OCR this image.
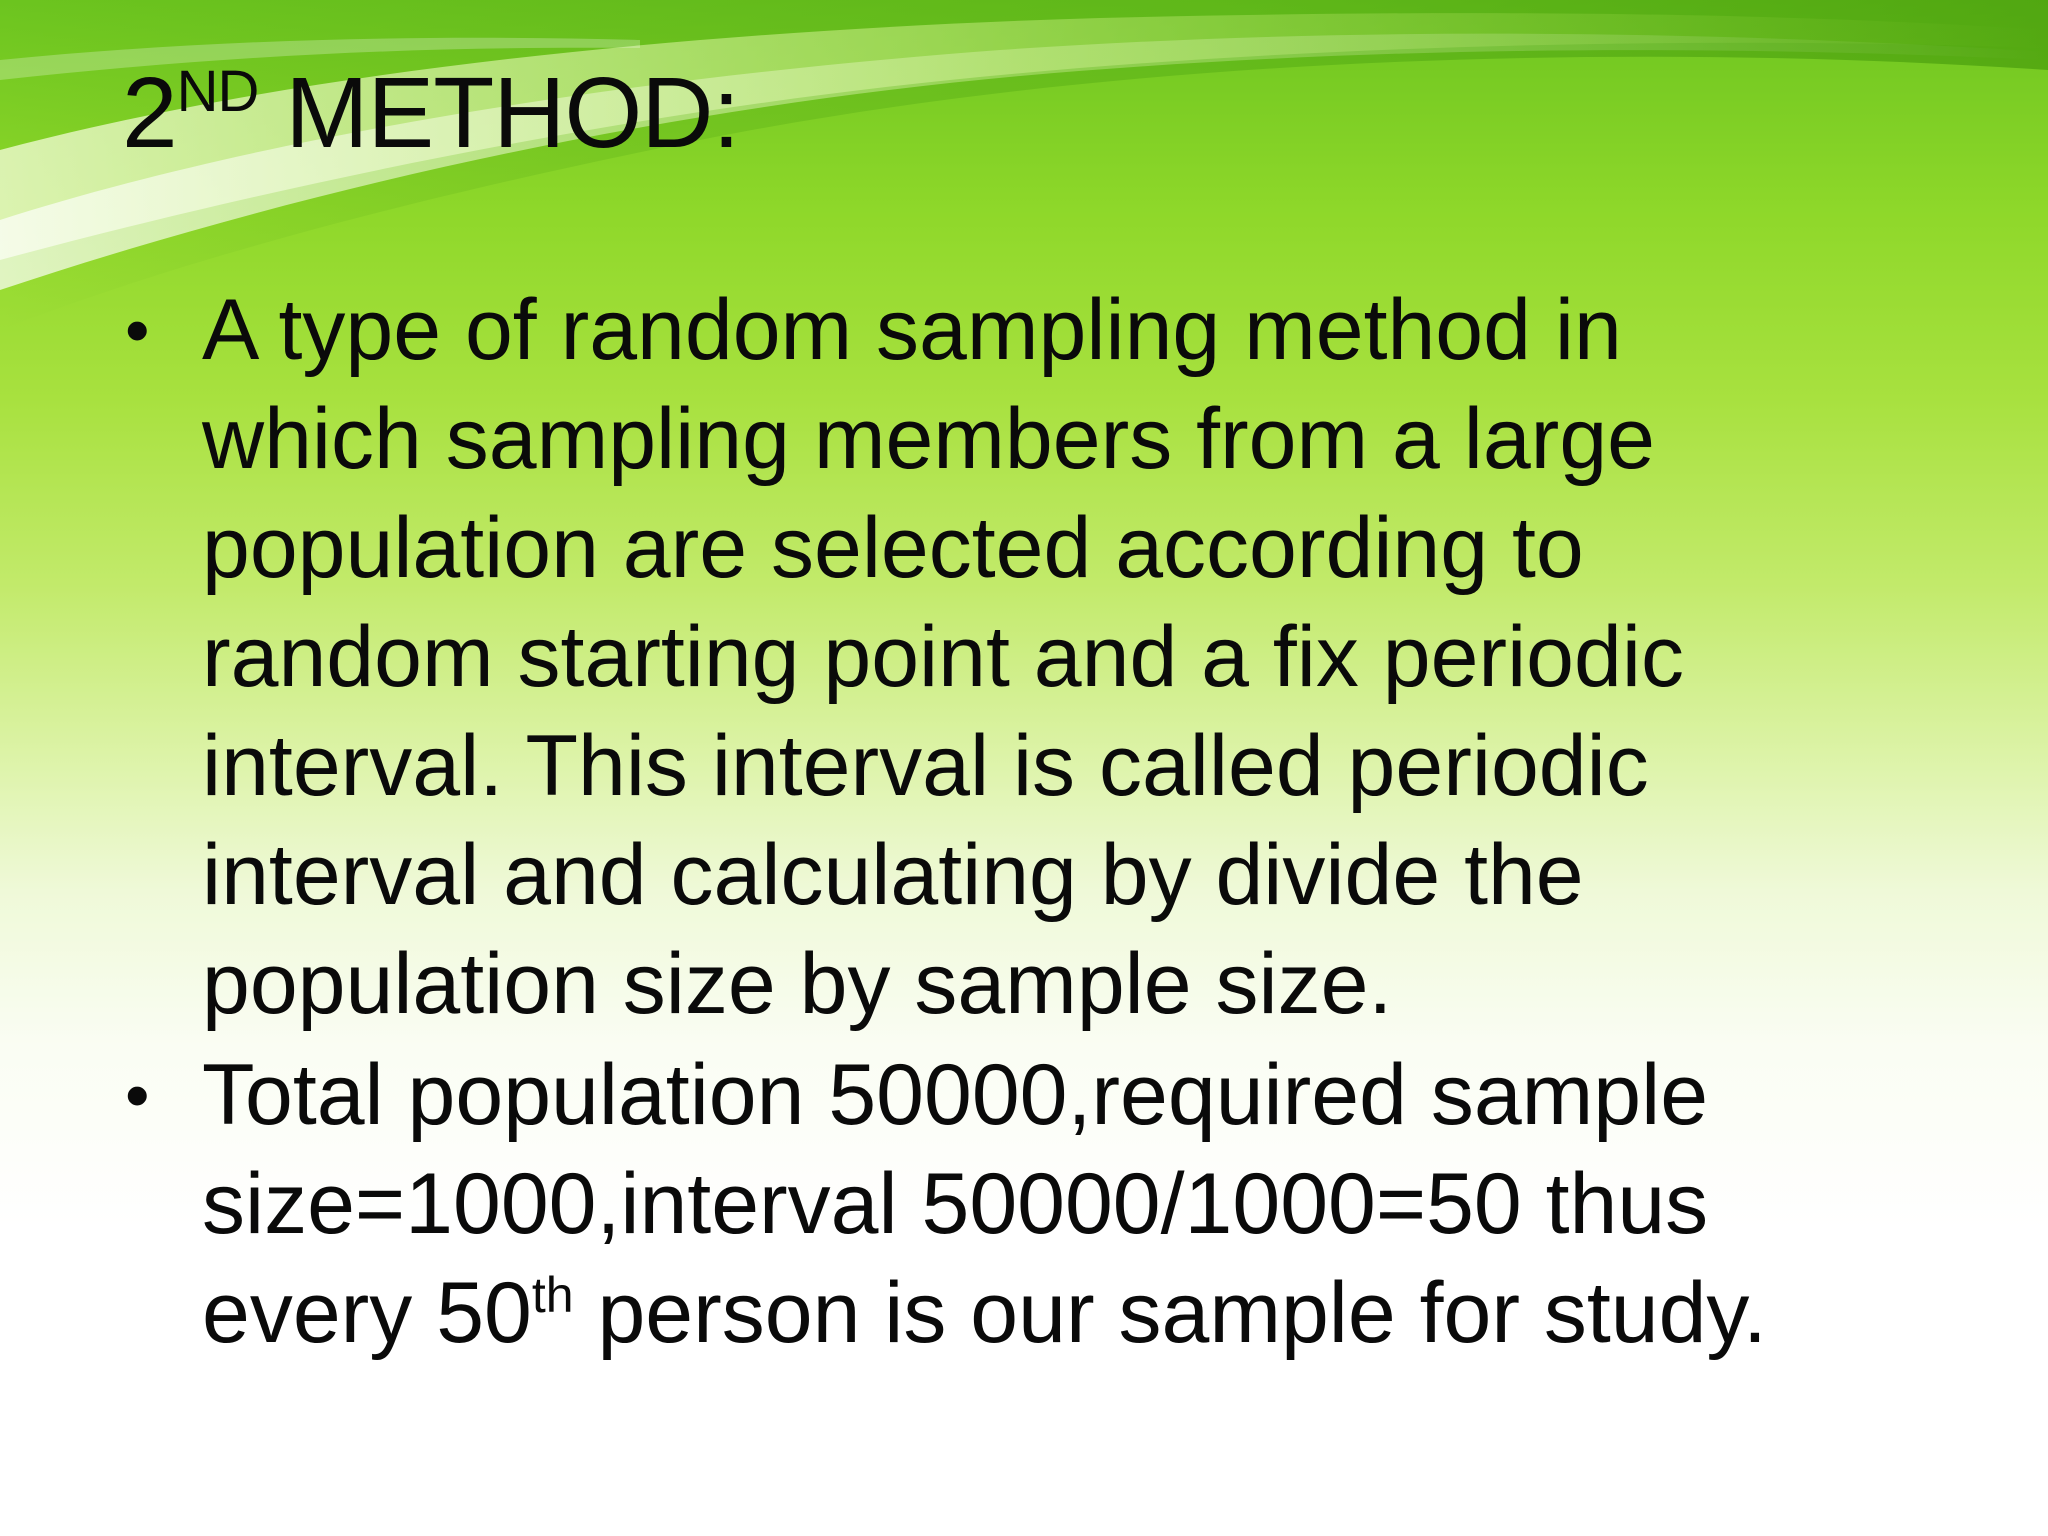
2ND METHOD:
• A type of random sampling method in
which sampling members from a large
population are selected according to
random starting point and a fix periodic
interval. This interval is called periodic
interval and calculating by divide the
population size by sample size.
• Total population 50000,required sample
size=1000,interval 50000/1000=50 thus
every 50th person is our sample for study.
